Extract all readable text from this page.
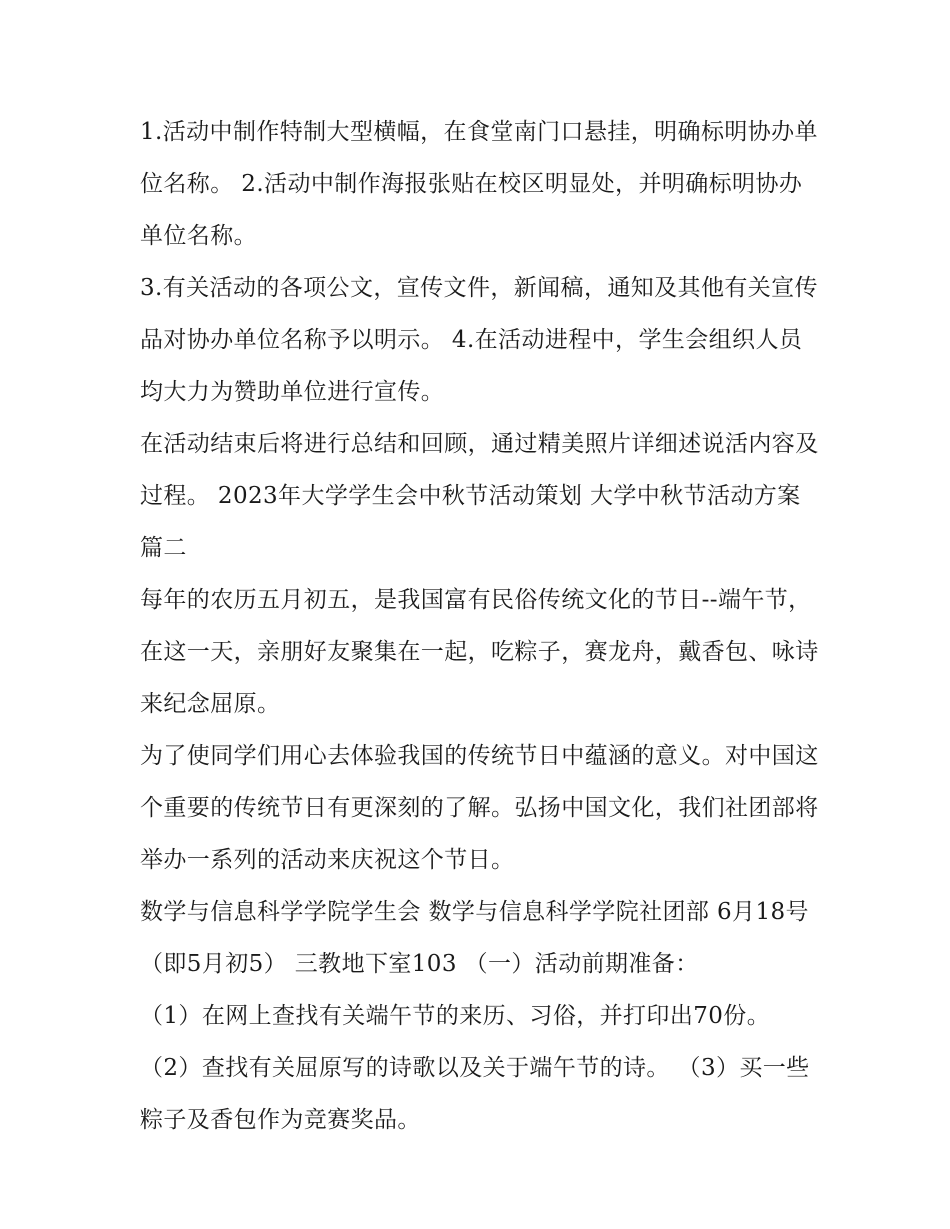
1.活动中制作特制大型横幅，在食堂南门口悬挂，明确标明协办单位名称。 2.活动中制作海报张贴在校区明显处，并明确标明协办单位名称。

3.有关活动的各项公文，宣传文件，新闻稿，通知及其他有关宣传品对协办单位名称予以明示。 4.在活动进程中，学生会组织人员均大力为赞助单位进行宣传。

在活动结束后将进行总结和回顾，通过精美照片详细述说活内容及过程。 2023年大学学生会中秋节活动策划 大学中秋节活动方案篇二

每年的农历五月初五，是我国富有民俗传统文化的节日--端午节，在这一天，亲朋好友聚集在一起，吃粽子，赛龙舟，戴香包、咏诗来纪念屈原。

为了使同学们用心去体验我国的传统节日中蕴涵的意义。对中国这个重要的传统节日有更深刻的了解。弘扬中国文化，我们社团部将举办一系列的活动来庆祝这个节日。

数学与信息科学学院学生会 数学与信息科学学院社团部 6月18号（即5月初5） 三教地下室103 （一）活动前期准备：

（1）在网上查找有关端午节的来历、习俗，并打印出70份。

（2）查找有关屈原写的诗歌以及关于端午节的诗。 （3）买一些粽子及香包作为竞赛奖品。
